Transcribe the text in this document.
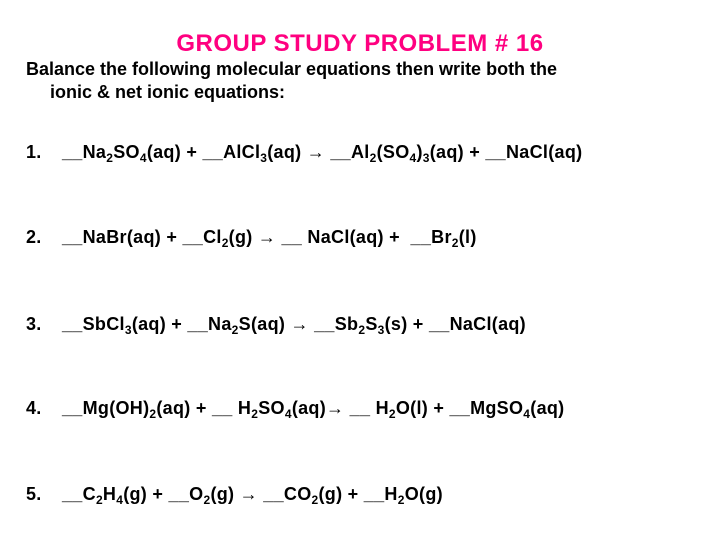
GROUP STUDY PROBLEM # 16
Balance the following molecular equations then write both the
ionic & net ionic equations:
1. $\_\_Na_2SO_4(aq)$ + __AlCl$_3$(aq) → $\_\_Al_2(SO_4)_3(aq)$ + __NaCl(aq)
2. __NaBr(aq) + $\_\_Cl_2(g)$ → __ NaCl(aq) +  $\_\_Br_2(l)$
3. __SbCl$_3$(aq) + $\_\_Na_2S(aq)$ → $\_\_Sb_2S_3(s)$ + __NaCl(aq)
4. $\_\_Mg(OH)_2(aq)$ + __ $H_2SO_4(aq)\to$ __ $H_2O(l)$ + __MgSO$_4$(aq)
5. $\_\_C_2H_4(g)$ + $\_\_O_2(g)$ → $\_\_CO_2(g)$ + $\_\_H_2O(g)$
